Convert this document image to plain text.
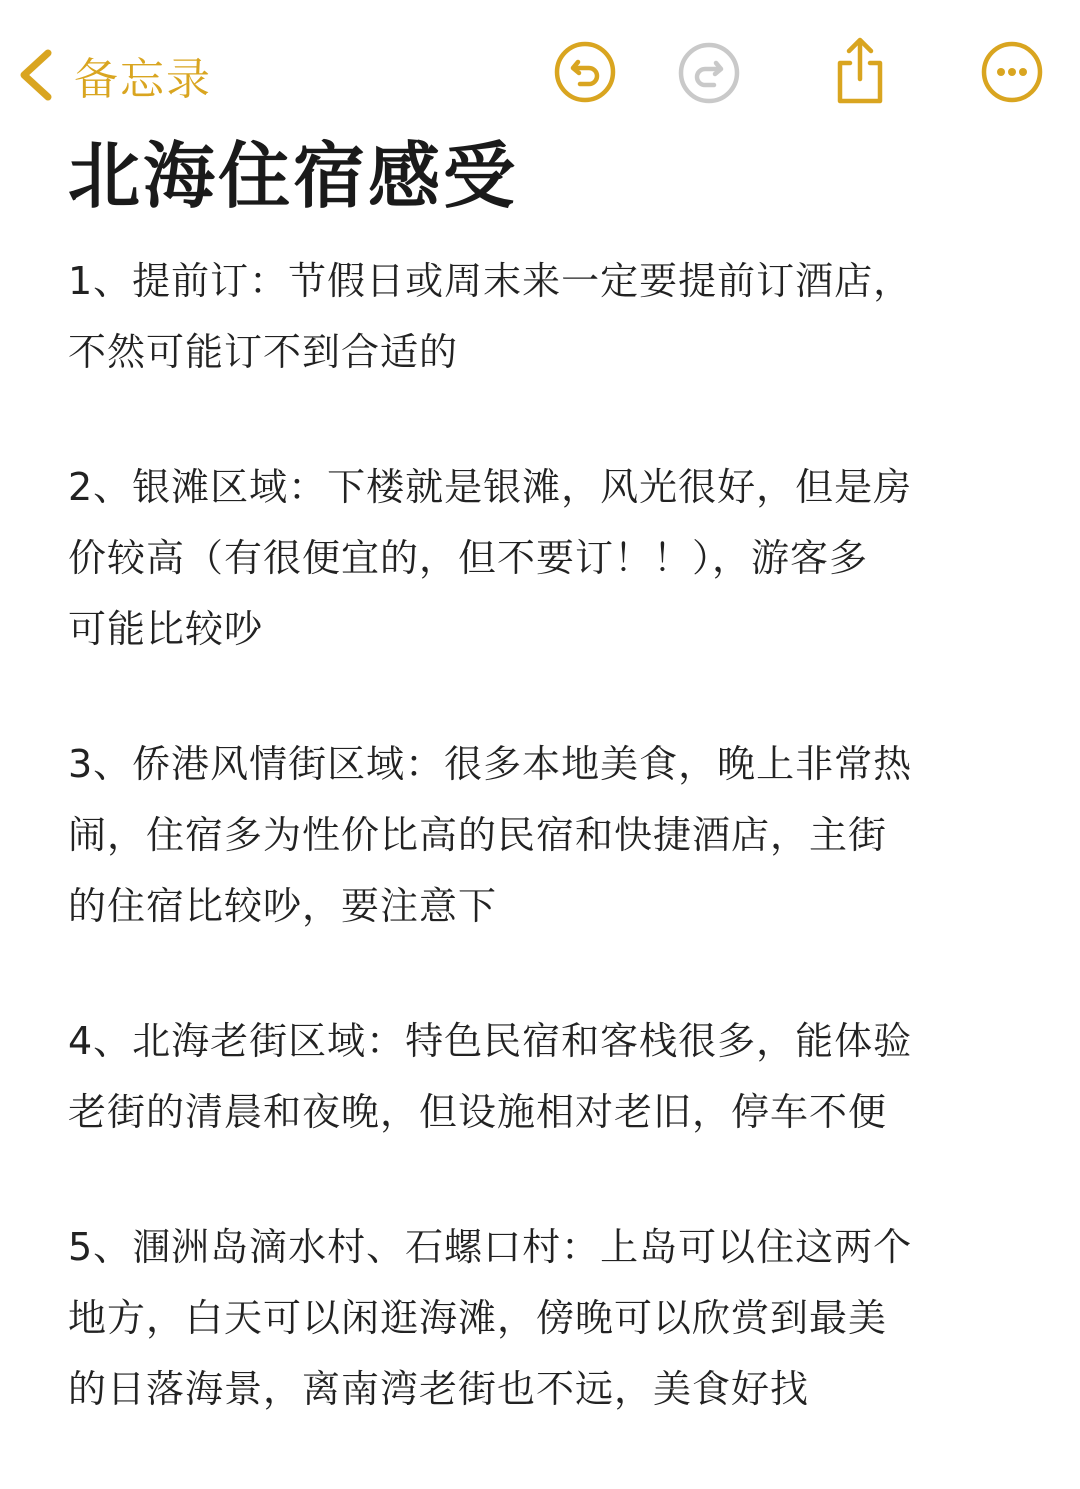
备忘录
北海住宿感受

1、提前订：节假日或周末来一定要提前订酒店，
不然可能订不到合适的

2、银滩区域：下楼就是银滩，风光很好，但是房
价较高（有很便宜的，但不要订！！），游客多
可能比较吵

3、侨港风情街区域：很多本地美食，晚上非常热
闹，住宿多为性价比高的民宿和快捷酒店，主街
的住宿比较吵，要注意下

4、北海老街区域：特色民宿和客栈很多，能体验
老街的清晨和夜晚，但设施相对老旧，停车不便

5、涠洲岛滴水村、石螺口村：上岛可以住这两个
地方，白天可以闲逛海滩，傍晚可以欣赏到最美
的日落海景，离南湾老街也不远，美食好找
